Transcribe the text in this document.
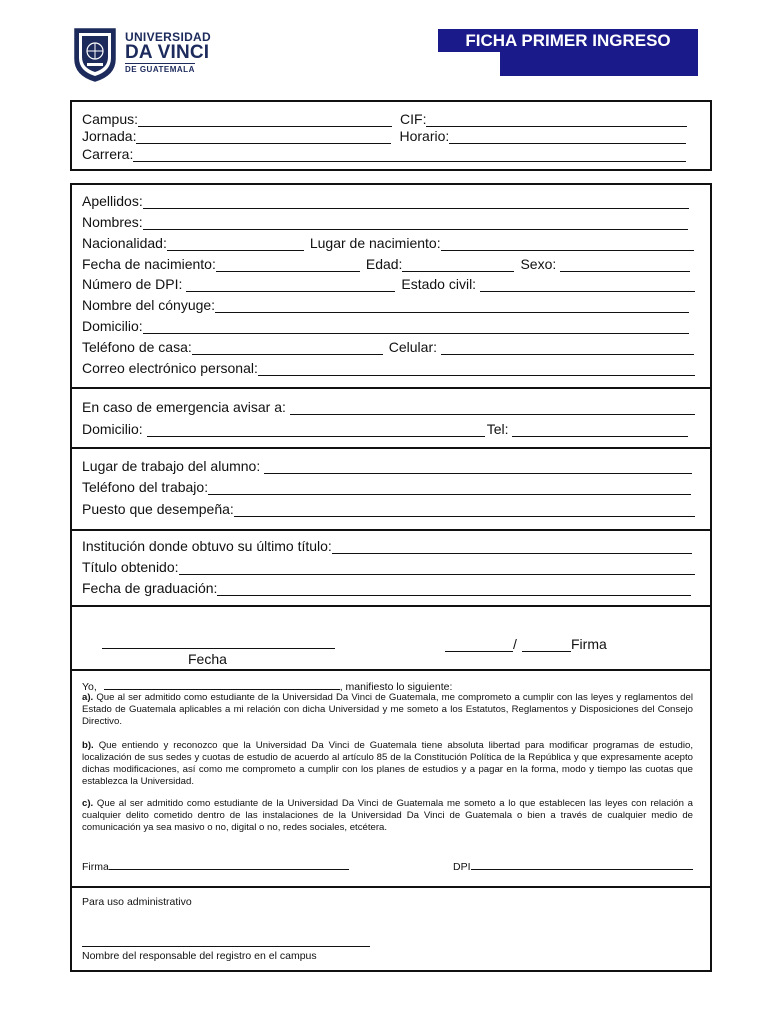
UNIVERSIDAD
DA VINCI
DE GUATEMALA
FICHA PRIMER INGRESO
Campus:	CIF:
Jornada:	Horario:
Carrera:
Apellidos:
Nombres:
Nacionalidad:	Lugar de nacimiento:
Fecha de nacimiento:	Edad:	Sexo:
Número de DPI:	Estado civil:
Nombre del cónyuge:
Domicilio:
Teléfono de casa:	Celular:
Correo electrónico personal:
En caso de emergencia avisar a:
Domicilio:	Tel:
Lugar de trabajo del alumno:
Teléfono del trabajo:
Puesto que desempeña:
Institución donde obtuvo su último título:
Título obtenido:
Fecha de graduación:
Fecha
/	Firma
Yo,	, manifiesto lo siguiente:
a). Que al ser admitido como estudiante de la Universidad Da Vinci de Guatemala, me comprometo a cumplir con las leyes y reglamentos del Estado de Guatemala aplicables a mi relación con dicha Universidad y me someto a los Estatutos, Reglamentos y Disposiciones del Consejo Directivo.
b). Que entiendo y reconozco que la Universidad Da Vinci de Guatemala tiene absoluta libertad para modificar programas de estudio, localización de sus sedes y cuotas de estudio de acuerdo al artículo 85 de la Constitución Política de la República y que expresamente acepto dichas modificaciones, así como me comprometo a cumplir con los planes de estudios y a pagar en la forma, modo y tiempo las cuotas que establezca la Universidad.
c). Que al ser admitido como estudiante de la Universidad Da Vinci de Guatemala me someto a lo que establecen las leyes con relación a cualquier delito cometido dentro de las instalaciones de la Universidad Da Vinci de Guatemala o bien a través de cualquier medio de comunicación ya sea masivo o no, digital o no, redes sociales, etcétera.
Firma	DPI
Para uso administrativo
Nombre del responsable del registro en el campus
